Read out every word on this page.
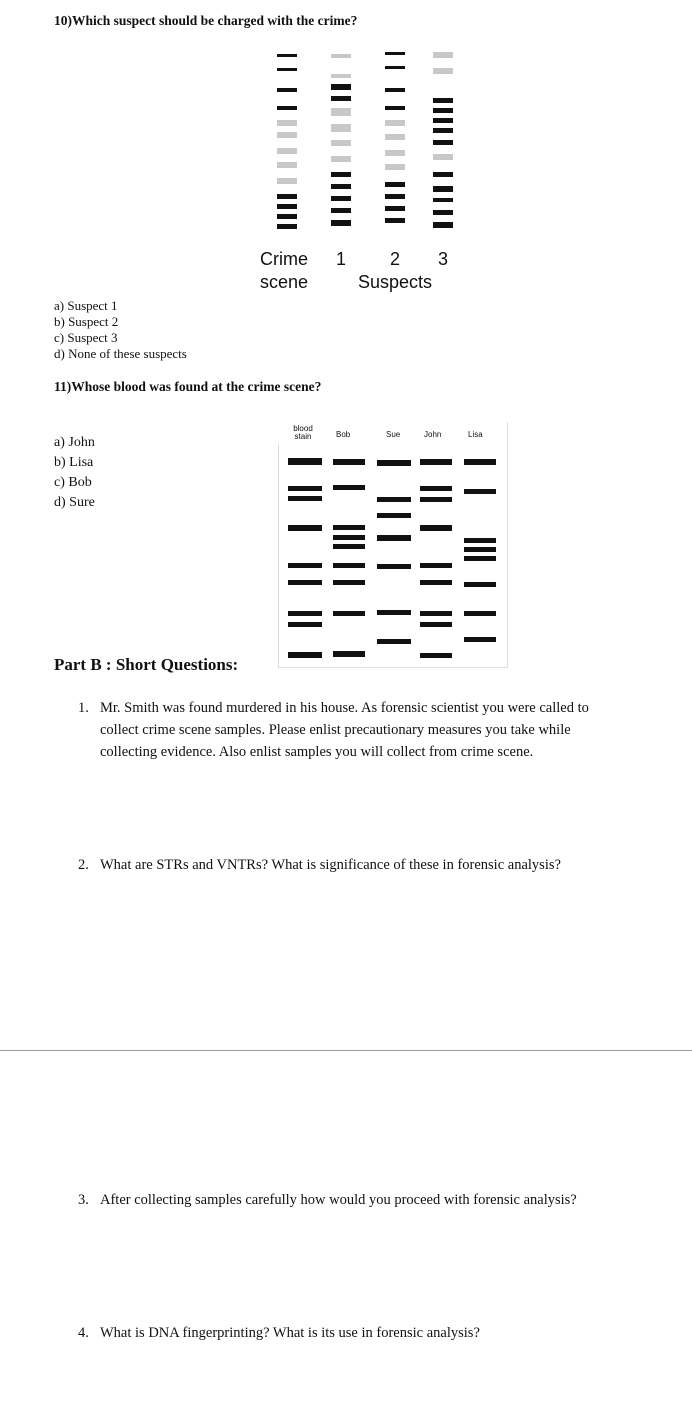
10)Which suspect should be charged with the crime?
Crime
scene
1 2 3
Suspects
a) Suspect 1
b) Suspect 2
c) Suspect 3
d) None of these suspects
11)Whose blood was found at the crime scene?
a) John
b) Lisa
c) Bob
d) Sure
blood stain	Bob	Sue	John	Lisa
Part B : Short Questions:
1. Mr. Smith was found murdered in his house. As forensic scientist you were called to
collect crime scene samples. Please enlist precautionary measures you take while
collecting evidence. Also enlist samples you will collect from crime scene.
2. What are STRs and VNTRs? What is significance of these in forensic analysis?
3. After collecting samples carefully how would you proceed with forensic analysis?
4. What is DNA fingerprinting? What is its use in forensic analysis?
